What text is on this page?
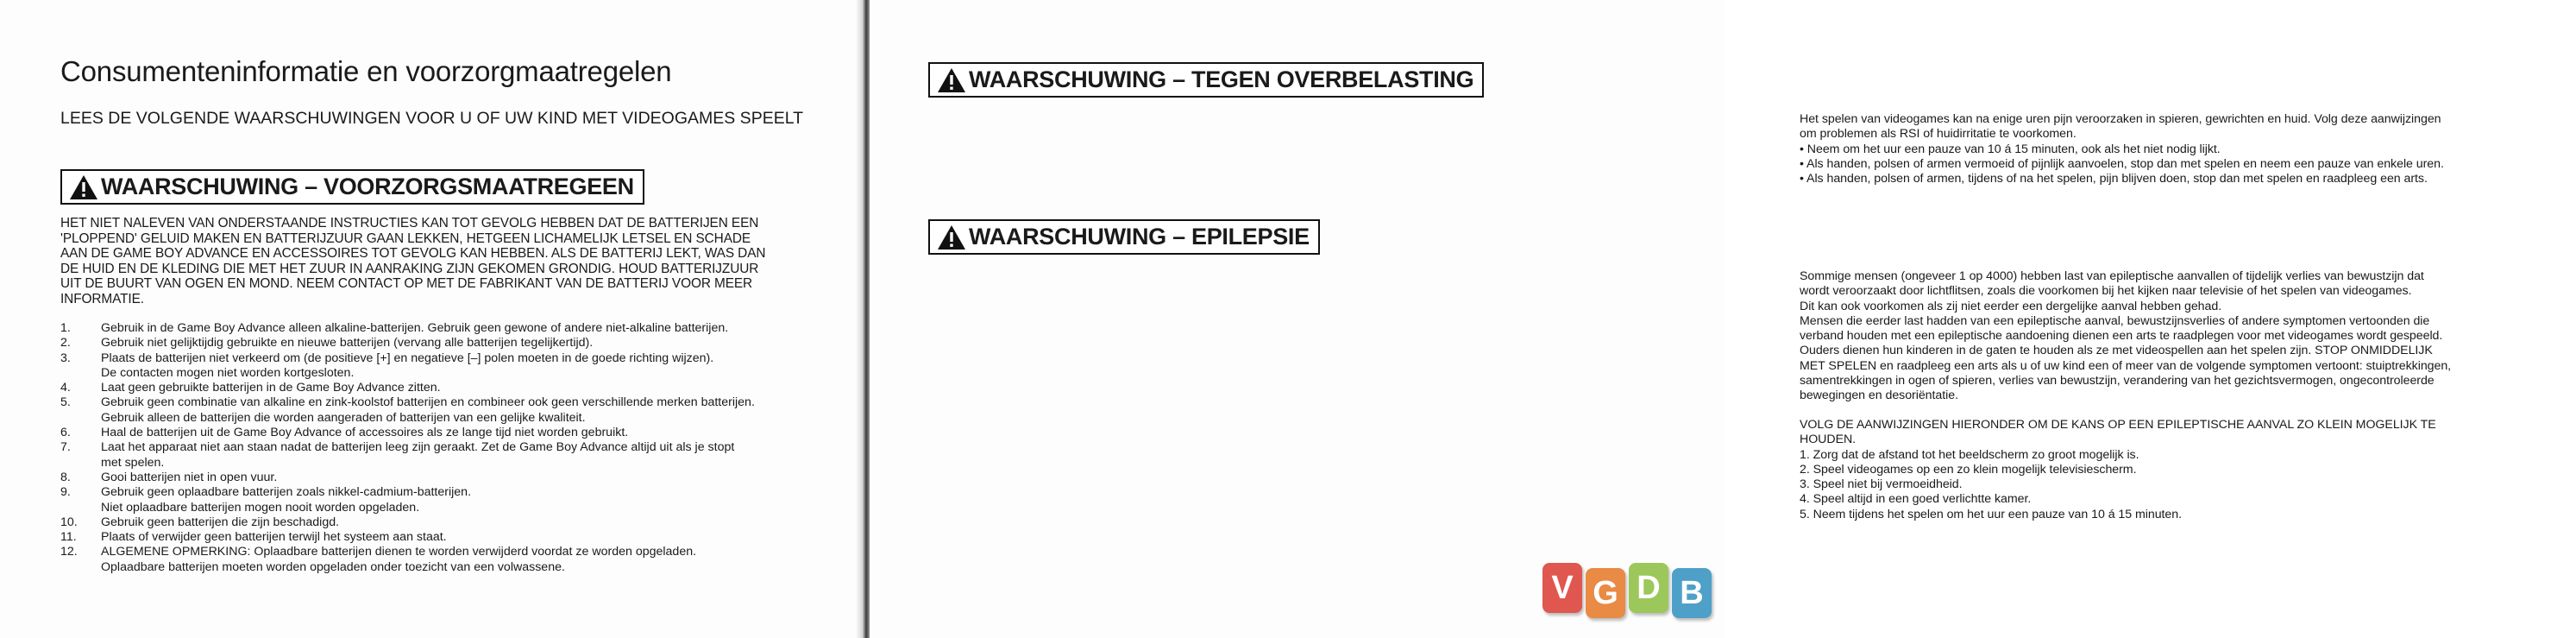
Consumenteninformatie en voorzorgmaatregelen
LEES DE VOLGENDE WAARSCHUWINGEN VOOR U OF UW KIND MET VIDEOGAMES SPEELT
WAARSCHUWING – VOORZORGSMAATREGEEN
HET NIET NALEVEN VAN ONDERSTAANDE INSTRUCTIES KAN TOT GEVOLG HEBBEN DAT DE BATTERIJEN EEN
'PLOPPEND' GELUID MAKEN EN BATTERIJZUUR GAAN LEKKEN, HETGEEN LICHAMELIJK LETSEL EN SCHADE
AAN DE GAME BOY ADVANCE EN ACCESSOIRES TOT GEVOLG KAN HEBBEN. ALS DE BATTERIJ LEKT, WAS DAN
DE HUID EN DE KLEDING DIE MET HET ZUUR IN AANRAKING ZIJN GEKOMEN GRONDIG. HOUD BATTERIJZUUR
UIT DE BUURT VAN OGEN EN MOND. NEEM CONTACT OP MET DE FABRIKANT VAN DE BATTERIJ VOOR MEER
INFORMATIE.
1.	Gebruik in de Game Boy Advance alleen alkaline-batterijen. Gebruik geen gewone of andere niet-alkaline batterijen.
2.	Gebruik niet gelijktijdig gebruikte en nieuwe batterijen (vervang alle batterijen tegelijkertijd).
3.	Plaats de batterijen niet verkeerd om (de positieve [+] en negatieve [–] polen moeten in de goede richting wijzen).
De contacten mogen niet worden kortgesloten.
4.	Laat geen gebruikte batterijen in de Game Boy Advance zitten.
5.	Gebruik geen combinatie van alkaline en zink-koolstof batterijen en combineer ook geen verschillende merken batterijen.
Gebruik alleen de batterijen die worden aangeraden of batterijen van een gelijke kwaliteit.
6.	Haal de batterijen uit de Game Boy Advance of accessoires als ze lange tijd niet worden gebruikt.
7.	Laat het apparaat niet aan staan nadat de batterijen leeg zijn geraakt. Zet de Game Boy Advance altijd uit als je stopt
met spelen.
8.	Gooi batterijen niet in open vuur.
9.	Gebruik geen oplaadbare batterijen zoals nikkel-cadmium-batterijen.
Niet oplaadbare batterijen mogen nooit worden opgeladen.
10.	Gebruik geen batterijen die zijn beschadigd.
11.	Plaats of verwijder geen batterijen terwijl het systeem aan staat.
12.	ALGEMENE OPMERKING: Oplaadbare batterijen dienen te worden verwijderd voordat ze worden opgeladen.
Oplaadbare batterijen moeten worden opgeladen onder toezicht van een volwassene.
WAARSCHUWING – TEGEN OVERBELASTING

Het spelen van videogames kan na enige uren pijn veroorzaken in spieren, gewrichten en huid. Volg deze aanwijzingen

om problemen als RSI of huidirritatie te voorkomen.

• Neem om het uur een pauze van 10 á 15 minuten, ook als het niet nodig lijkt.

• Als handen, polsen of armen vermoeid of pijnlijk aanvoelen, stop dan met spelen en neem een pauze van enkele uren.

• Als handen, polsen of armen, tijdens of na het spelen, pijn blijven doen, stop dan met spelen en raadpleeg een arts.

WAARSCHUWING – EPILEPSIE

Sommige mensen (ongeveer 1 op 4000) hebben last van epileptische aanvallen of tijdelijk verlies van bewustzijn dat

wordt veroorzaakt door lichtflitsen, zoals die voorkomen bij het kijken naar televisie of het spelen van videogames.

Dit kan ook voorkomen als zij niet eerder een dergelijke aanval hebben gehad.

Mensen die eerder last hadden van een epileptische aanval, bewustzijnsverlies of andere symptomen vertoonden die

verband houden met een epileptische aandoening dienen een arts te raadplegen voor met videogames wordt gespeeld.

Ouders dienen hun kinderen in de gaten te houden als ze met videospellen aan het spelen zijn. STOP ONMIDDELIJK

MET SPELEN en raadpleeg een arts als u of uw kind een of meer van de volgende symptomen vertoont: stuiptrekkingen,

samentrekkingen in ogen of spieren, verlies van bewustzijn, verandering van het gezichtsvermogen, ongecontroleerde

bewegingen en desoriëntatie.

VOLG DE AANWIJZINGEN HIERONDER OM DE KANS OP EEN EPILEPTISCHE AANVAL ZO KLEIN MOGELIJK TE

HOUDEN.

1. Zorg dat de afstand tot het beeldscherm zo groot mogelijk is.

2. Speel videogames op een zo klein mogelijk televisiescherm.

3. Speel niet bij vermoeidheid.

4. Speel altijd in een goed verlichtte kamer.

5. Neem tijdens het spelen om het uur een pauze van 10 á 15 minuten.

V G D B
